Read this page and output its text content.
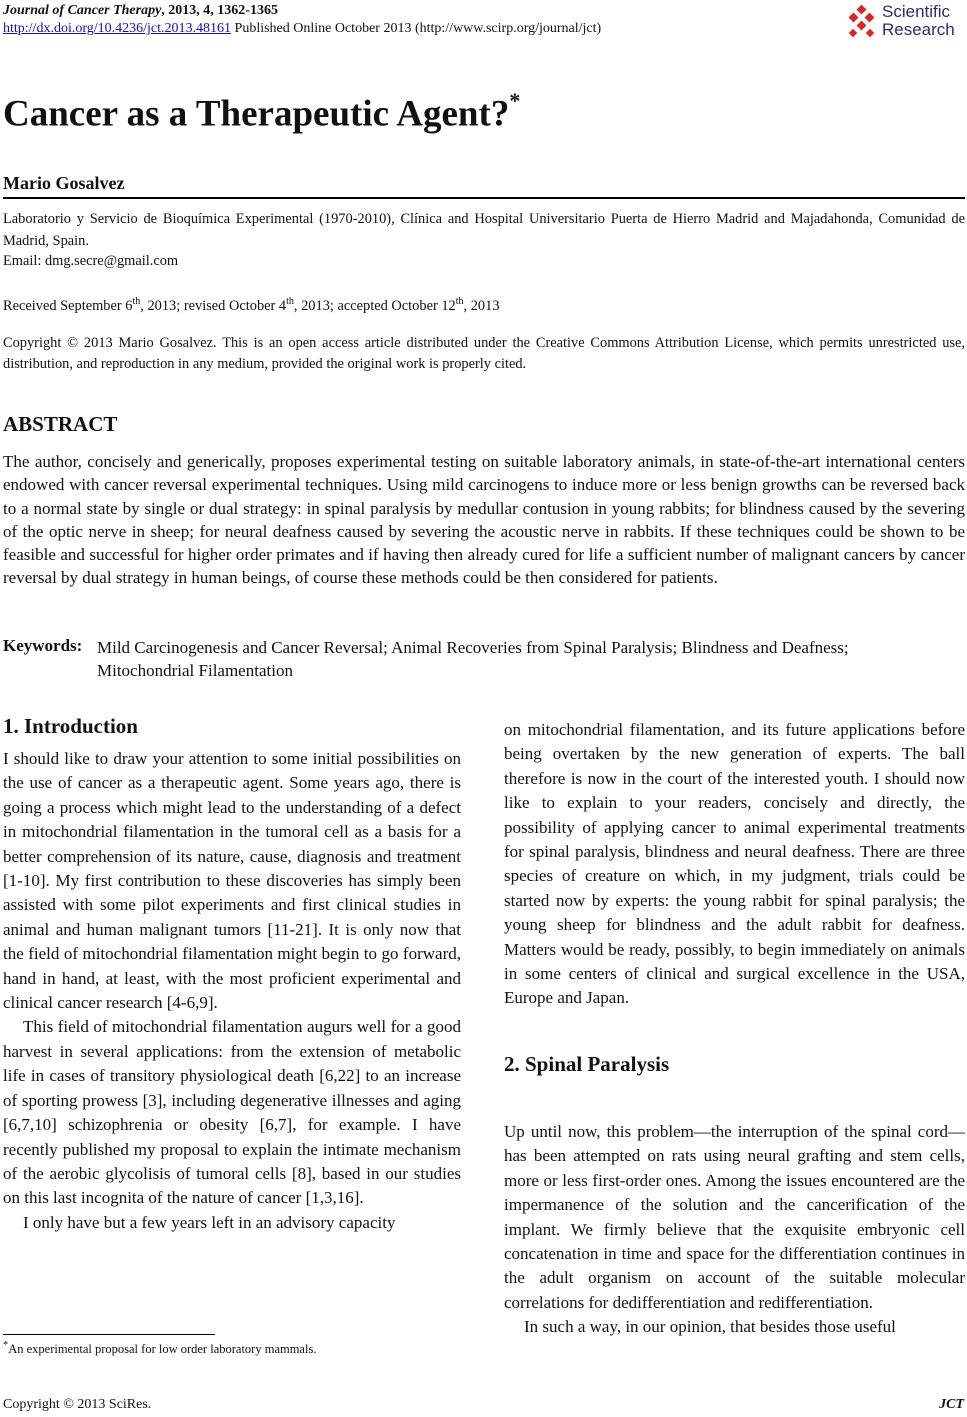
Journal of Cancer Therapy, 2013, 4, 1362-1365
http://dx.doi.org/10.4236/jct.2013.48161 Published Online October 2013 (http://www.scirp.org/journal/jct)
Scientific
Research
Cancer as a Therapeutic Agent?*
Mario Gosalvez
Laboratorio y Servicio de Bioquímica Experimental (1970-2010), Clínica and Hospital Universitario Puerta de Hierro Madrid and Majadahonda, Comunidad de Madrid, Spain.
Email: dmg.secre@gmail.com
Received September 6th, 2013; revised October 4th, 2013; accepted October 12th, 2013
Copyright © 2013 Mario Gosalvez. This is an open access article distributed under the Creative Commons Attribution License, which permits unrestricted use, distribution, and reproduction in any medium, provided the original work is properly cited.
ABSTRACT
The author, concisely and generically, proposes experimental testing on suitable laboratory animals, in state-of-the-art international centers endowed with cancer reversal experimental techniques. Using mild carcinogens to induce more or less benign growths can be reversed back to a normal state by single or dual strategy: in spinal paralysis by medullar contusion in young rabbits; for blindness caused by the severing of the optic nerve in sheep; for neural deafness caused by severing the acoustic nerve in rabbits. If these techniques could be shown to be feasible and successful for higher order primates and if having then already cured for life a sufficient number of malignant cancers by cancer reversal by dual strategy in human beings, of course these methods could be then considered for patients.
Keywords: Mild Carcinogenesis and Cancer Reversal; Animal Recoveries from Spinal Paralysis; Blindness and Deafness; Mitochondrial Filamentation
1. Introduction

I should like to draw your attention to some initial possibilities on the use of cancer as a therapeutic agent. Some years ago, there is going a process which might lead to the understanding of a defect in mitochondrial filamentation in the tumoral cell as a basis for a better comprehension of its nature, cause, diagnosis and treatment [1-10]. My first contribution to these discoveries has simply been assisted with some pilot experiments and first clinical studies in animal and human malignant tumors [11-21]. It is only now that the field of mitochondrial filamentation might begin to go forward, hand in hand, at least, with the most proficient experimental and clinical cancer research [4-6,9].

This field of mitochondrial filamentation augurs well for a good harvest in several applications: from the extension of metabolic life in cases of transitory physiological death [6,22] to an increase of sporting prowess [3], including degenerative illnesses and aging [6,7,10] schizophrenia or obesity [6,7], for example. I have recently published my proposal to explain the intimate mechanism of the aerobic glycolisis of tumoral cells [8], based in our studies on this last incognita of the nature of cancer [1,3,16].

I only have but a few years left in an advisory capacity

on mitochondrial filamentation, and its future applications before being overtaken by the new generation of experts. The ball therefore is now in the court of the interested youth. I should now like to explain to your readers, concisely and directly, the possibility of applying cancer to animal experimental treatments for spinal paralysis, blindness and neural deafness. There are three species of creature on which, in my judgment, trials could be started now by experts: the young rabbit for spinal paralysis; the young sheep for blindness and the adult rabbit for deafness. Matters would be ready, possibly, to begin immediately on animals in some centers of clinical and surgical excellence in the USA, Europe and Japan.

2. Spinal Paralysis

Up until now, this problem—the interruption of the spinal cord—has been attempted on rats using neural grafting and stem cells, more or less first-order ones. Among the issues encountered are the impermanence of the solution and the cancerification of the implant. We firmly believe that the exquisite embryonic cell concatenation in time and space for the differentiation continues in the adult organism on account of the suitable molecular correlations for dedifferentiation and redifferentiation.

In such a way, in our opinion, that besides those useful

*An experimental proposal for low order laboratory mammals.
Copyright © 2013 SciRes.	JCT
